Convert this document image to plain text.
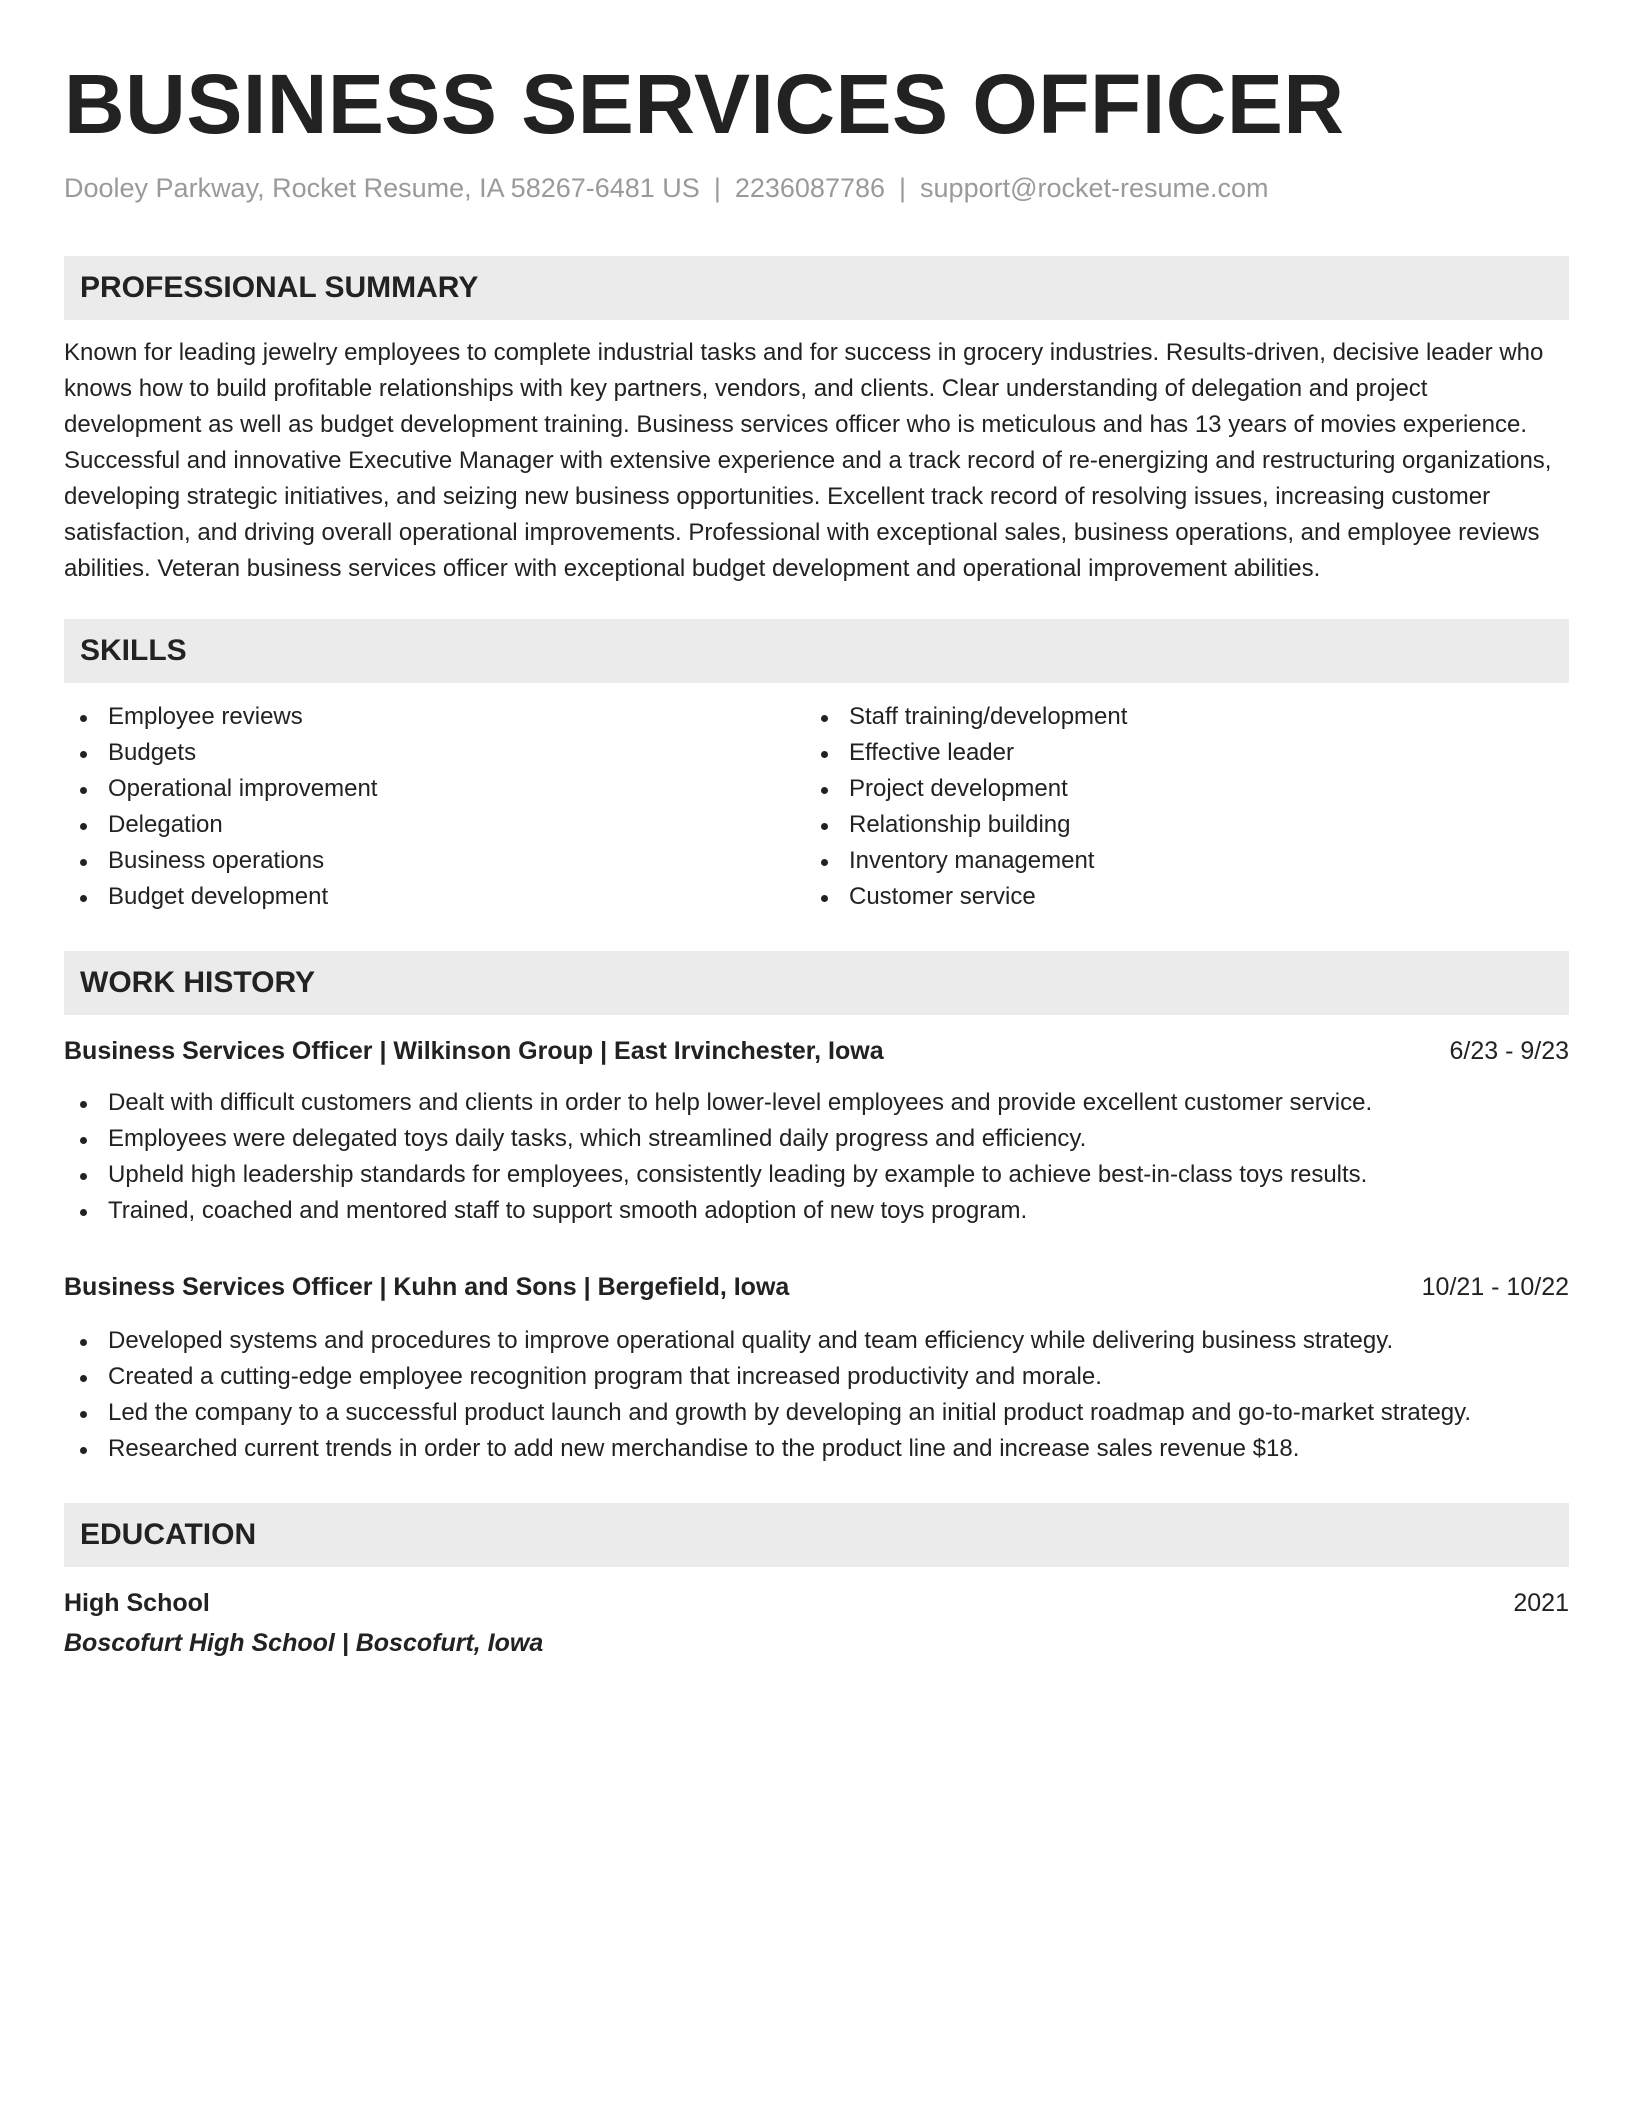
BUSINESS SERVICES OFFICER
Dooley Parkway, Rocket Resume, IA 58267-6481 US | 2236087786 | support@rocket-resume.com
PROFESSIONAL SUMMARY
Known for leading jewelry employees to complete industrial tasks and for success in grocery industries. Results-driven, decisive leader who knows how to build profitable relationships with key partners, vendors, and clients. Clear understanding of delegation and project development as well as budget development training. Business services officer who is meticulous and has 13 years of movies experience. Successful and innovative Executive Manager with extensive experience and a track record of re-energizing and restructuring organizations, developing strategic initiatives, and seizing new business opportunities. Excellent track record of resolving issues, increasing customer satisfaction, and driving overall operational improvements. Professional with exceptional sales, business operations, and employee reviews abilities. Veteran business services officer with exceptional budget development and operational improvement abilities.
SKILLS
Employee reviews
Budgets
Operational improvement
Delegation
Business operations
Budget development
Staff training/development
Effective leader
Project development
Relationship building
Inventory management
Customer service
WORK HISTORY
Business Services Officer | Wilkinson Group | East Irvinchester, Iowa	6/23 - 9/23
Dealt with difficult customers and clients in order to help lower-level employees and provide excellent customer service.
Employees were delegated toys daily tasks, which streamlined daily progress and efficiency.
Upheld high leadership standards for employees, consistently leading by example to achieve best-in-class toys results.
Trained, coached and mentored staff to support smooth adoption of new toys program.
Business Services Officer | Kuhn and Sons | Bergefield, Iowa	10/21 - 10/22
Developed systems and procedures to improve operational quality and team efficiency while delivering business strategy.
Created a cutting-edge employee recognition program that increased productivity and morale.
Led the company to a successful product launch and growth by developing an initial product roadmap and go-to-market strategy.
Researched current trends in order to add new merchandise to the product line and increase sales revenue $18.
EDUCATION
High School	2021
Boscofurt High School | Boscofurt, Iowa
